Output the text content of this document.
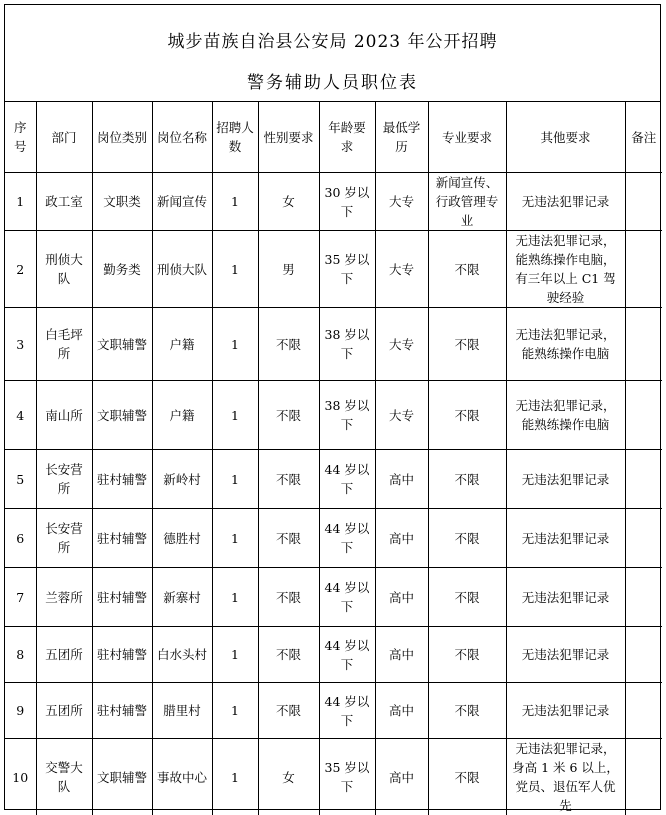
城步苗族自治县公安局 2023 年公开招聘
警务辅助人员职位表
序
号	部门	岗位类别	岗位名称	招聘人数	性别要求	年龄要求	最低学历	专业要求	其他要求	备注
1	政工室	文职类	新闻宣传	1	女	30 岁以下	大专	新闻宣传、行政管理专业	无违法犯罪记录	
2	刑侦大队	勤务类	刑侦大队	1	男	35 岁以下	大专	不限	无违法犯罪记录，能熟练操作电脑，有三年以上 C1 驾驶经验	
3	白毛坪所	文职辅警	户籍	1	不限	38 岁以下	大专	不限	无违法犯罪记录，能熟练操作电脑	
4	南山所	文职辅警	户籍	1	不限	38 岁以下	大专	不限	无违法犯罪记录，能熟练操作电脑	
5	长安营所	驻村辅警	新岭村	1	不限	44 岁以下	高中	不限	无违法犯罪记录	
6	长安营所	驻村辅警	德胜村	1	不限	44 岁以下	高中	不限	无违法犯罪记录	
7	兰蓉所	驻村辅警	新寨村	1	不限	44 岁以下	高中	不限	无违法犯罪记录	
8	五团所	驻村辅警	白水头村	1	不限	44 岁以下	高中	不限	无违法犯罪记录	
9	五团所	驻村辅警	腊里村	1	不限	44 岁以下	高中	不限	无违法犯罪记录	
10	交警大队	文职辅警	事故中心	1	女	35 岁以下	高中	不限	无违法犯罪记录，身高 1 米 6 以上，党员、退伍军人优先	
